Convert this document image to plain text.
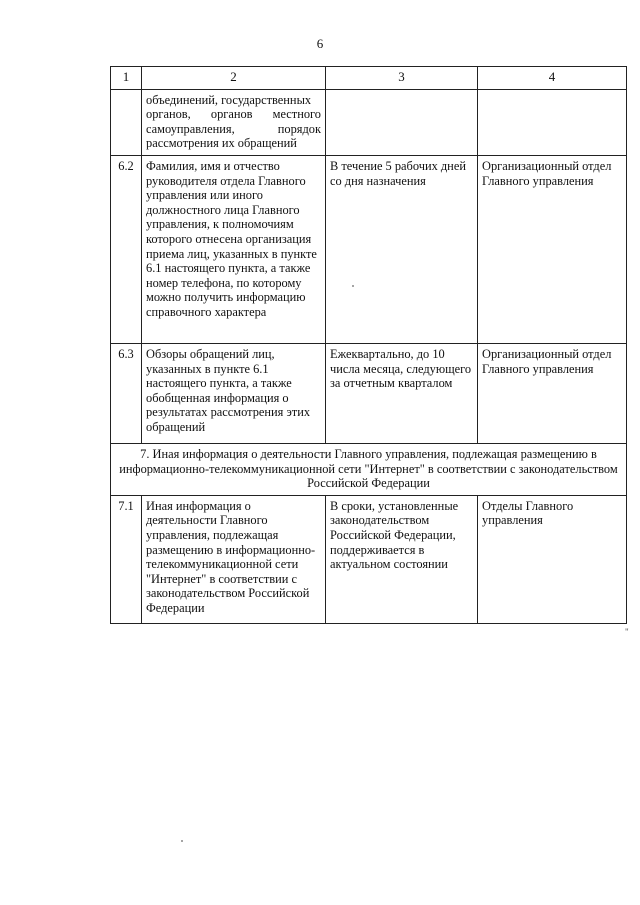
6
1	2	3	4

	объединений, государственных
органов, органов местного
самоуправления, порядок
рассмотрения их обращений		

6.2	Фамилия, имя и отчество руководителя отдела Главного управления или иного должностного лица Главного управления, к полномочиям которого отнесена организация приема лиц, указанных в пункте 6.1 настоящего пункта, а также номер телефона, по которому можно получить информацию справочного характера	В течение 5 рабочих дней со дня назначения	Организационный отдел Главного управления
6.3	Обзоры обращений лиц, указанных в пункте 6.1 настоящего пункта, а также обобщенная информация о результатах рассмотрения этих обращений	Ежеквартально, до 10 числа месяца, следующего за отчетным кварталом	Организационный отдел Главного управления
7. Иная информация о деятельности Главного управления, подлежащая размещению в информационно-телекоммуникационной сети "Интернет" в соответствии с законодательством Российской Федерации			
7.1	Иная информация о деятельности Главного управления, подлежащая размещению в информационно-телекоммуникационной сети "Интернет" в соответствии с законодательством Российской Федерации	В сроки, установленные законодательством Российской Федерации, поддерживается в актуальном состоянии	Отделы Главного управления
"
